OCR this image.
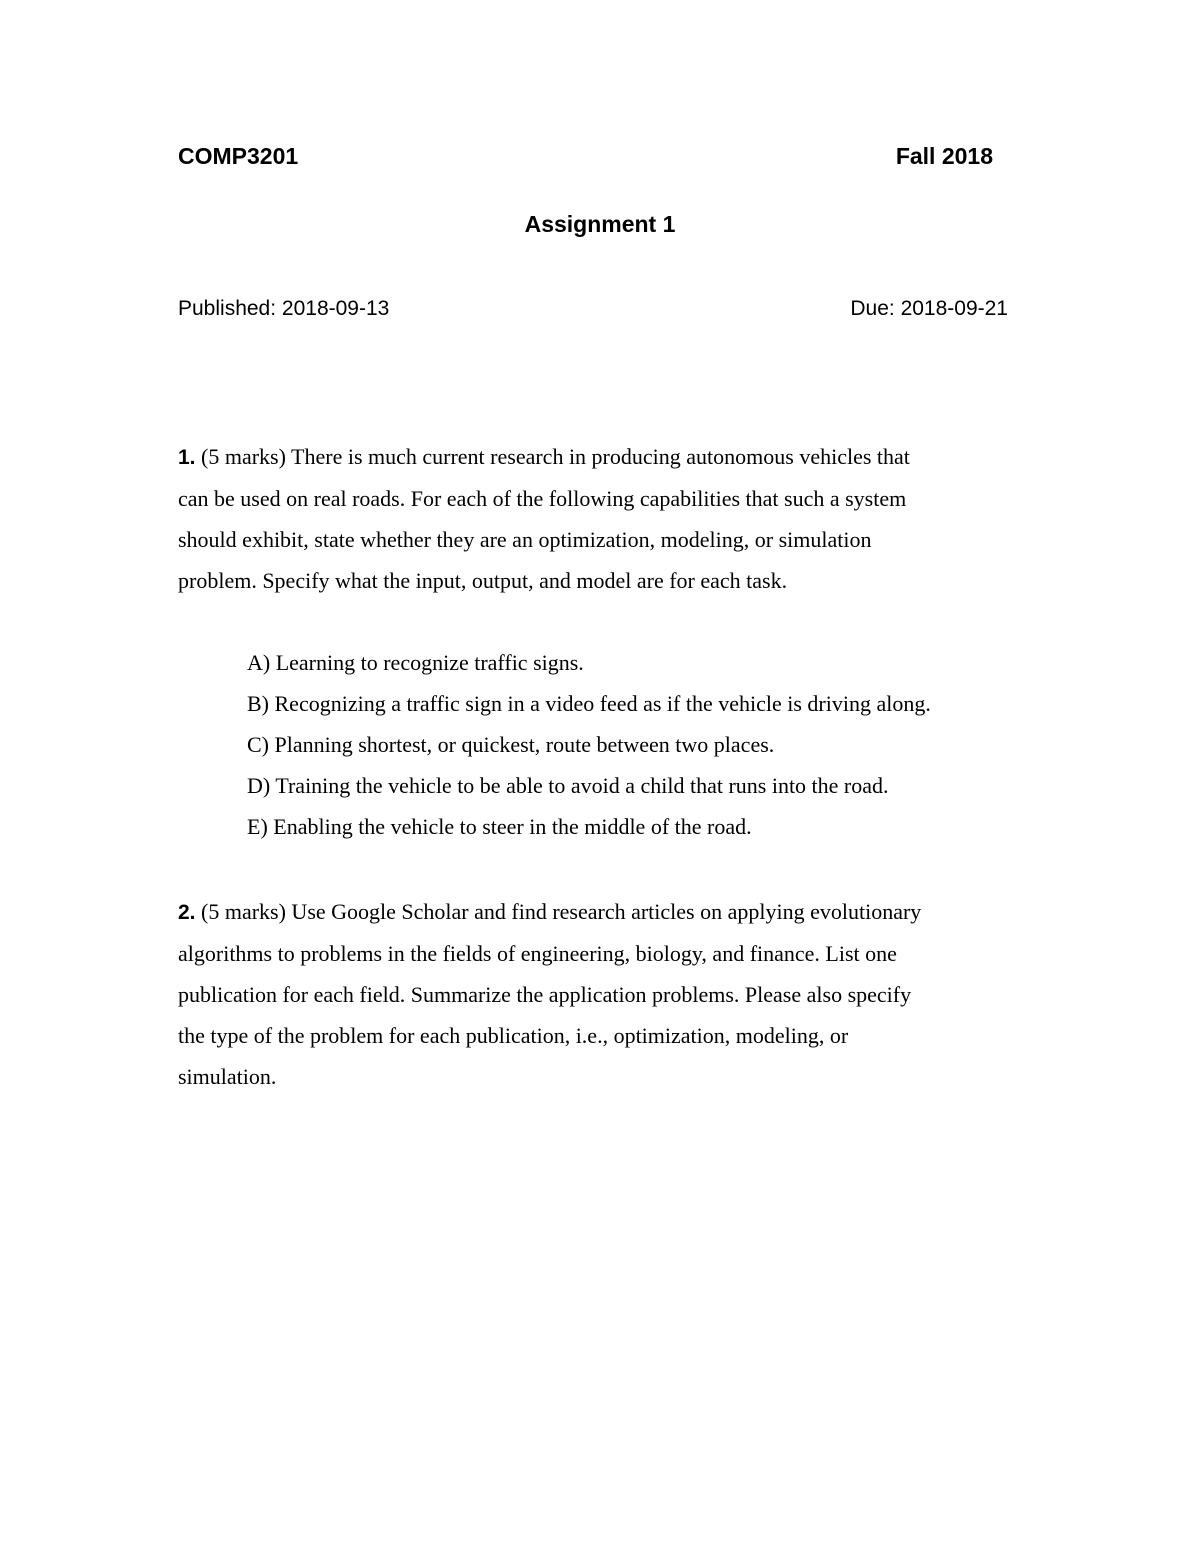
COMP3201	Fall 2018
Assignment 1
Published: 2018-09-13	Due: 2018-09-21
1. (5 marks) There is much current research in producing autonomous vehicles that
can be used on real roads. For each of the following capabilities that such a system
should exhibit, state whether they are an optimization, modeling, or simulation
problem. Specify what the input, output, and model are for each task.
A) Learning to recognize traffic signs.
B) Recognizing a traffic sign in a video feed as if the vehicle is driving along.
C) Planning shortest, or quickest, route between two places.
D) Training the vehicle to be able to avoid a child that runs into the road.
E) Enabling the vehicle to steer in the middle of the road.
2. (5 marks) Use Google Scholar and find research articles on applying evolutionary
algorithms to problems in the fields of engineering, biology, and finance. List one
publication for each field. Summarize the application problems. Please also specify
the type of the problem for each publication, i.e., optimization, modeling, or
simulation.
